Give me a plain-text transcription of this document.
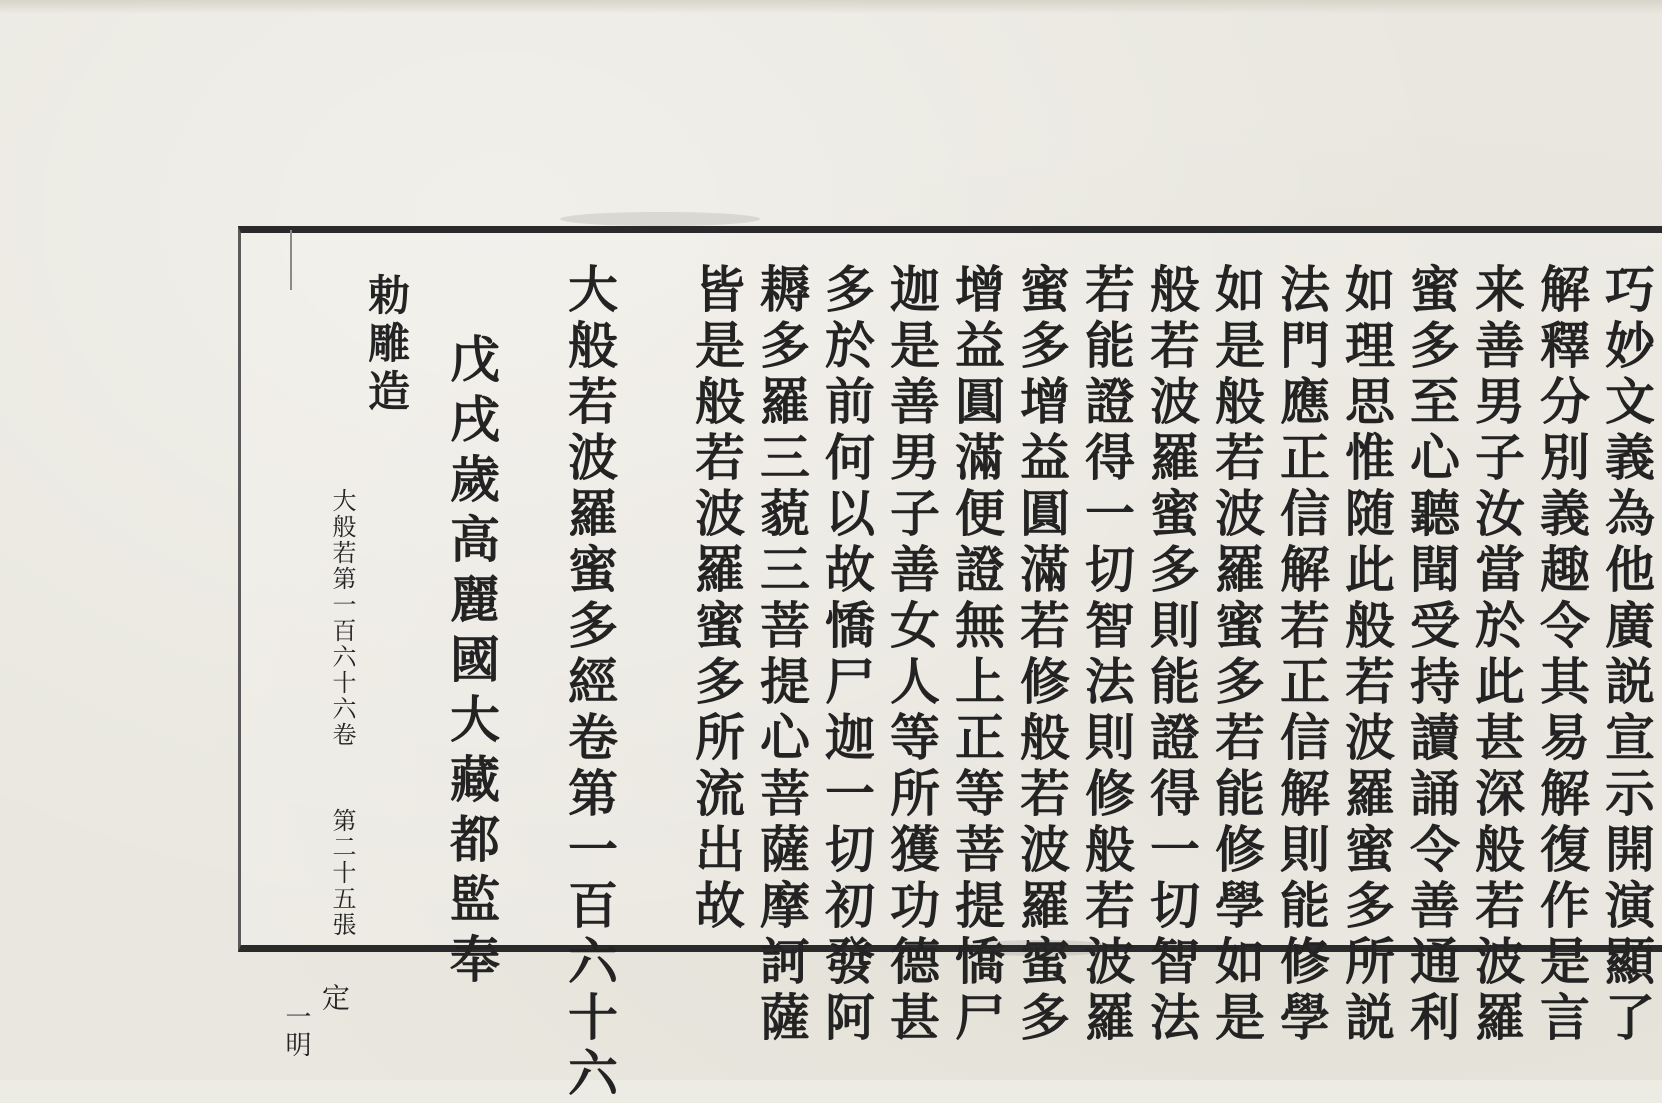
巧妙文義為他廣説宣示開演顯了
解釋分別義趣令其易解復作是言
来善男子汝當於此甚深般若波羅
蜜多至心聽聞受持讀誦令善通利
如理思惟随此般若波羅蜜多所説
法門應正信解若正信解則能修學
如是般若波羅蜜多若能修學如是
般若波羅蜜多則能證得一切智法
若能證得一切智法則修般若波羅
蜜多增益圓滿若修般若波羅蜜多
增益圓滿便證無上正等菩提憍尸
迦是善男子善女人等所獲功德甚
多於前何以故憍尸迦一切初發阿
耨多羅三藐三菩提心菩薩摩訶薩
皆是般若波羅蜜多所流出故
大般若波羅蜜多經卷第一百六十六
戊戌歲高麗國大藏都監奉
勅雕造
大般若第一百六十六卷
第二十五張
定
一明
